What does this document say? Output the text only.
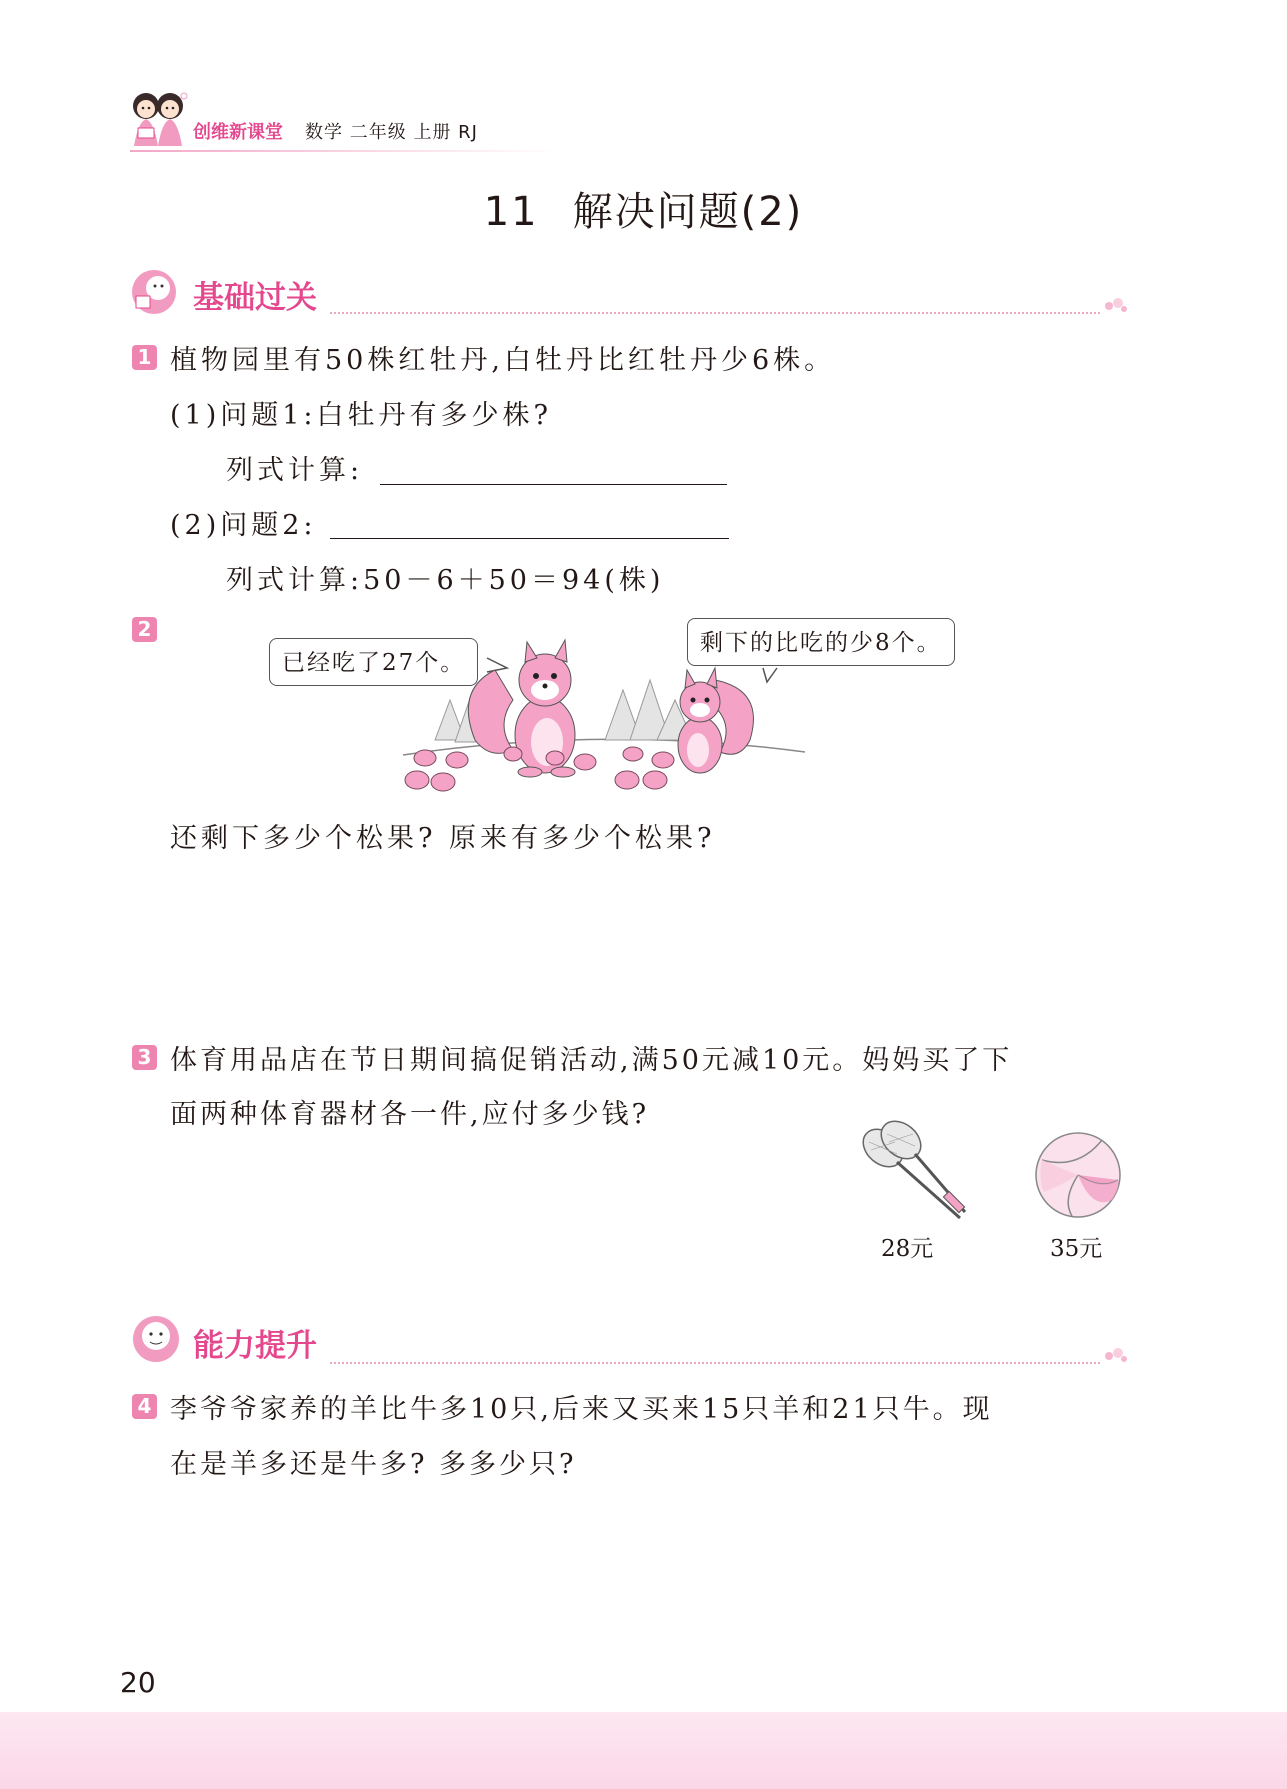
创维新课堂 数学 二年级 上册 RJ
11 解决问题(2)
基础过关
1 植物园里有50株红牡丹,白牡丹比红牡丹少6株。
(1)问题1:白牡丹有多少株?
列式计算:
(2)问题2:
列式计算:50－6＋50＝94(株)
2
已经吃了27个。
剩下的比吃的少8个。
还剩下多少个松果? 原来有多少个松果?
3 体育用品店在节日期间搞促销活动,满50元减10元。妈妈买了下
面两种体育器材各一件,应付多少钱?
28元	35元
能力提升
4 李爷爷家养的羊比牛多10只,后来又买来15只羊和21只牛。现
在是羊多还是牛多? 多多少只?
20
